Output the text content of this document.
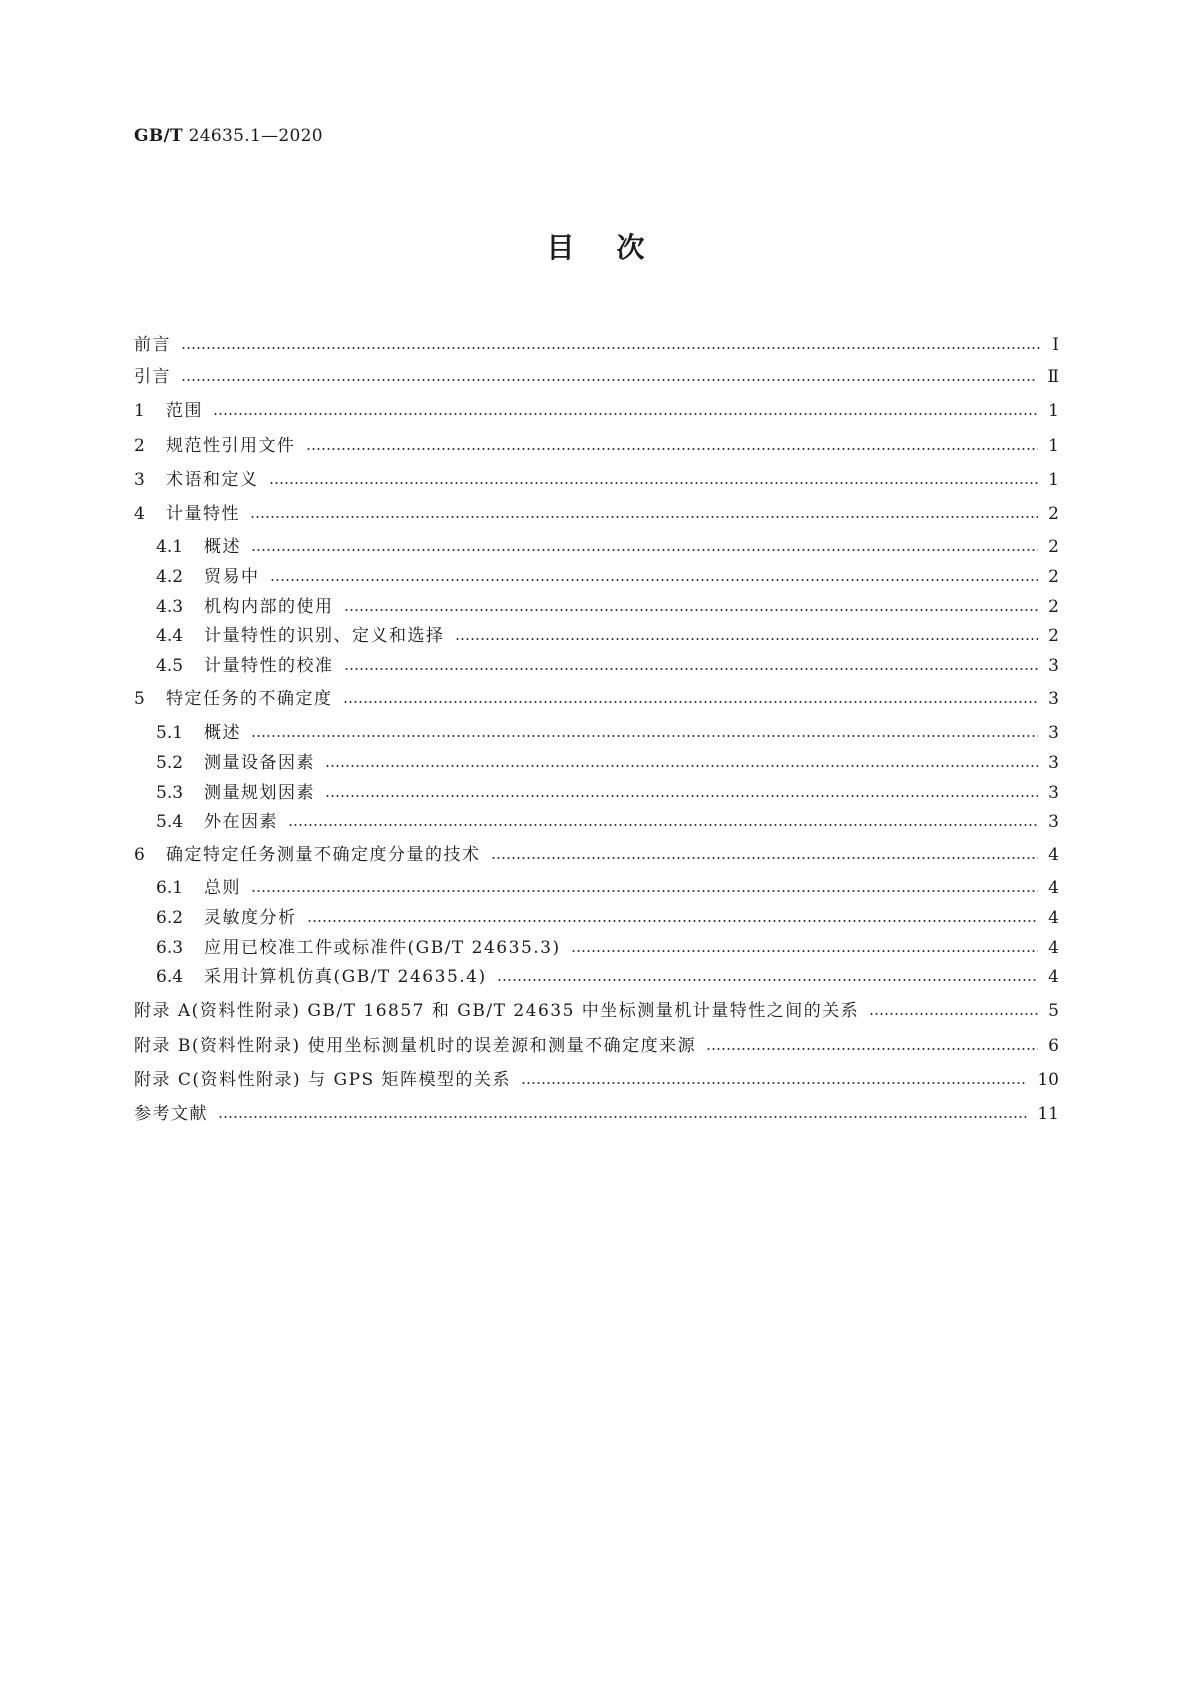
GB/T 24635.1—2020
目次
前言	Ⅰ
引言	Ⅱ
1	范围	1
2	规范性引用文件	1
3	术语和定义	1
4	计量特性	2
4.1	概述	2
4.2	贸易中	2
4.3	机构内部的使用	2
4.4	计量特性的识别、定义和选择	2
4.5	计量特性的校准	3
5	特定任务的不确定度	3
5.1	概述	3
5.2	测量设备因素	3
5.3	测量规划因素	3
5.4	外在因素	3
6	确定特定任务测量不确定度分量的技术	4
6.1	总则	4
6.2	灵敏度分析	4
6.3	应用已校准工件或标准件(GB/T 24635.3)	4
6.4	采用计算机仿真(GB/T 24635.4)	4
附录 A(资料性附录) GB/T 16857 和 GB/T 24635 中坐标测量机计量特性之间的关系	5
附录 B(资料性附录) 使用坐标测量机时的误差源和测量不确定度来源	6
附录 C(资料性附录) 与 GPS 矩阵模型的关系	10
参考文献	11
